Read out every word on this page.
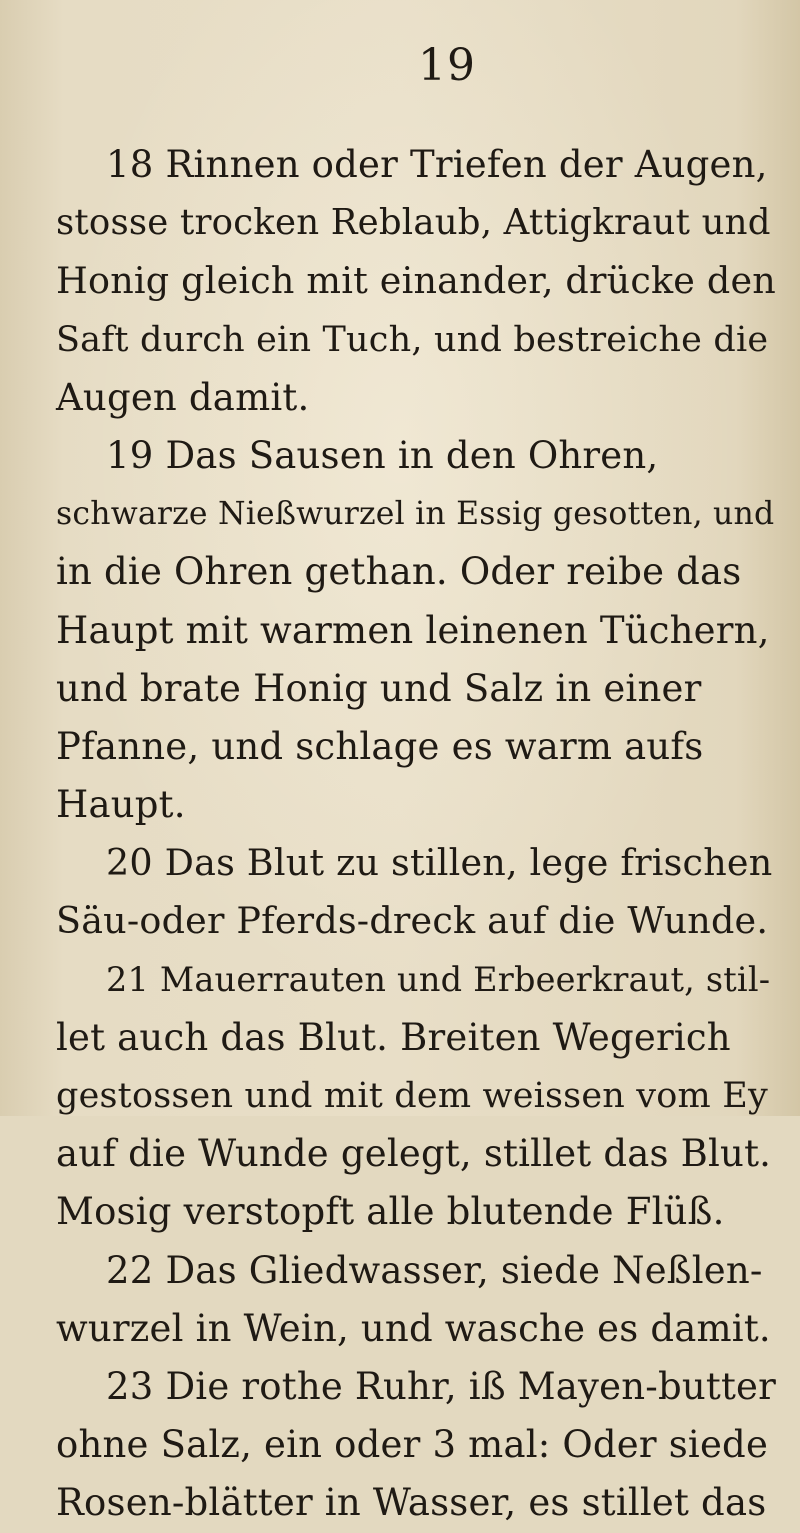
19
18 Rinnen oder Triefen der Augen,
stosse trocken Reblaub, Attigkraut und
Honig gleich mit einander, drücke den
Saft durch ein Tuch, und bestreiche die
Augen damit.
19 Das Sausen in den Ohren,
schwarze Nießwurzel in Essig gesotten, und
in die Ohren gethan. Oder reibe das
Haupt mit warmen leinenen Tüchern,
und brate Honig und Salz in einer
Pfanne, und schlage es warm aufs
Haupt.
20 Das Blut zu stillen, lege frischen
Säu-oder Pferds-dreck auf die Wunde.
21 Mauerrauten und Erbeerkraut, stil-
let auch das Blut. Breiten Wegerich
gestossen und mit dem weissen vom Ey
auf die Wunde gelegt, stillet das Blut.
Mosig verstopft alle blutende Flüß.
22 Das Gliedwasser, siede Neßlen-
wurzel in Wein, und wasche es damit.
23 Die rothe Ruhr, iß Mayen-butter
ohne Salz, ein oder 3 mal: Oder siede
Rosen-blätter in Wasser, es stillet das
